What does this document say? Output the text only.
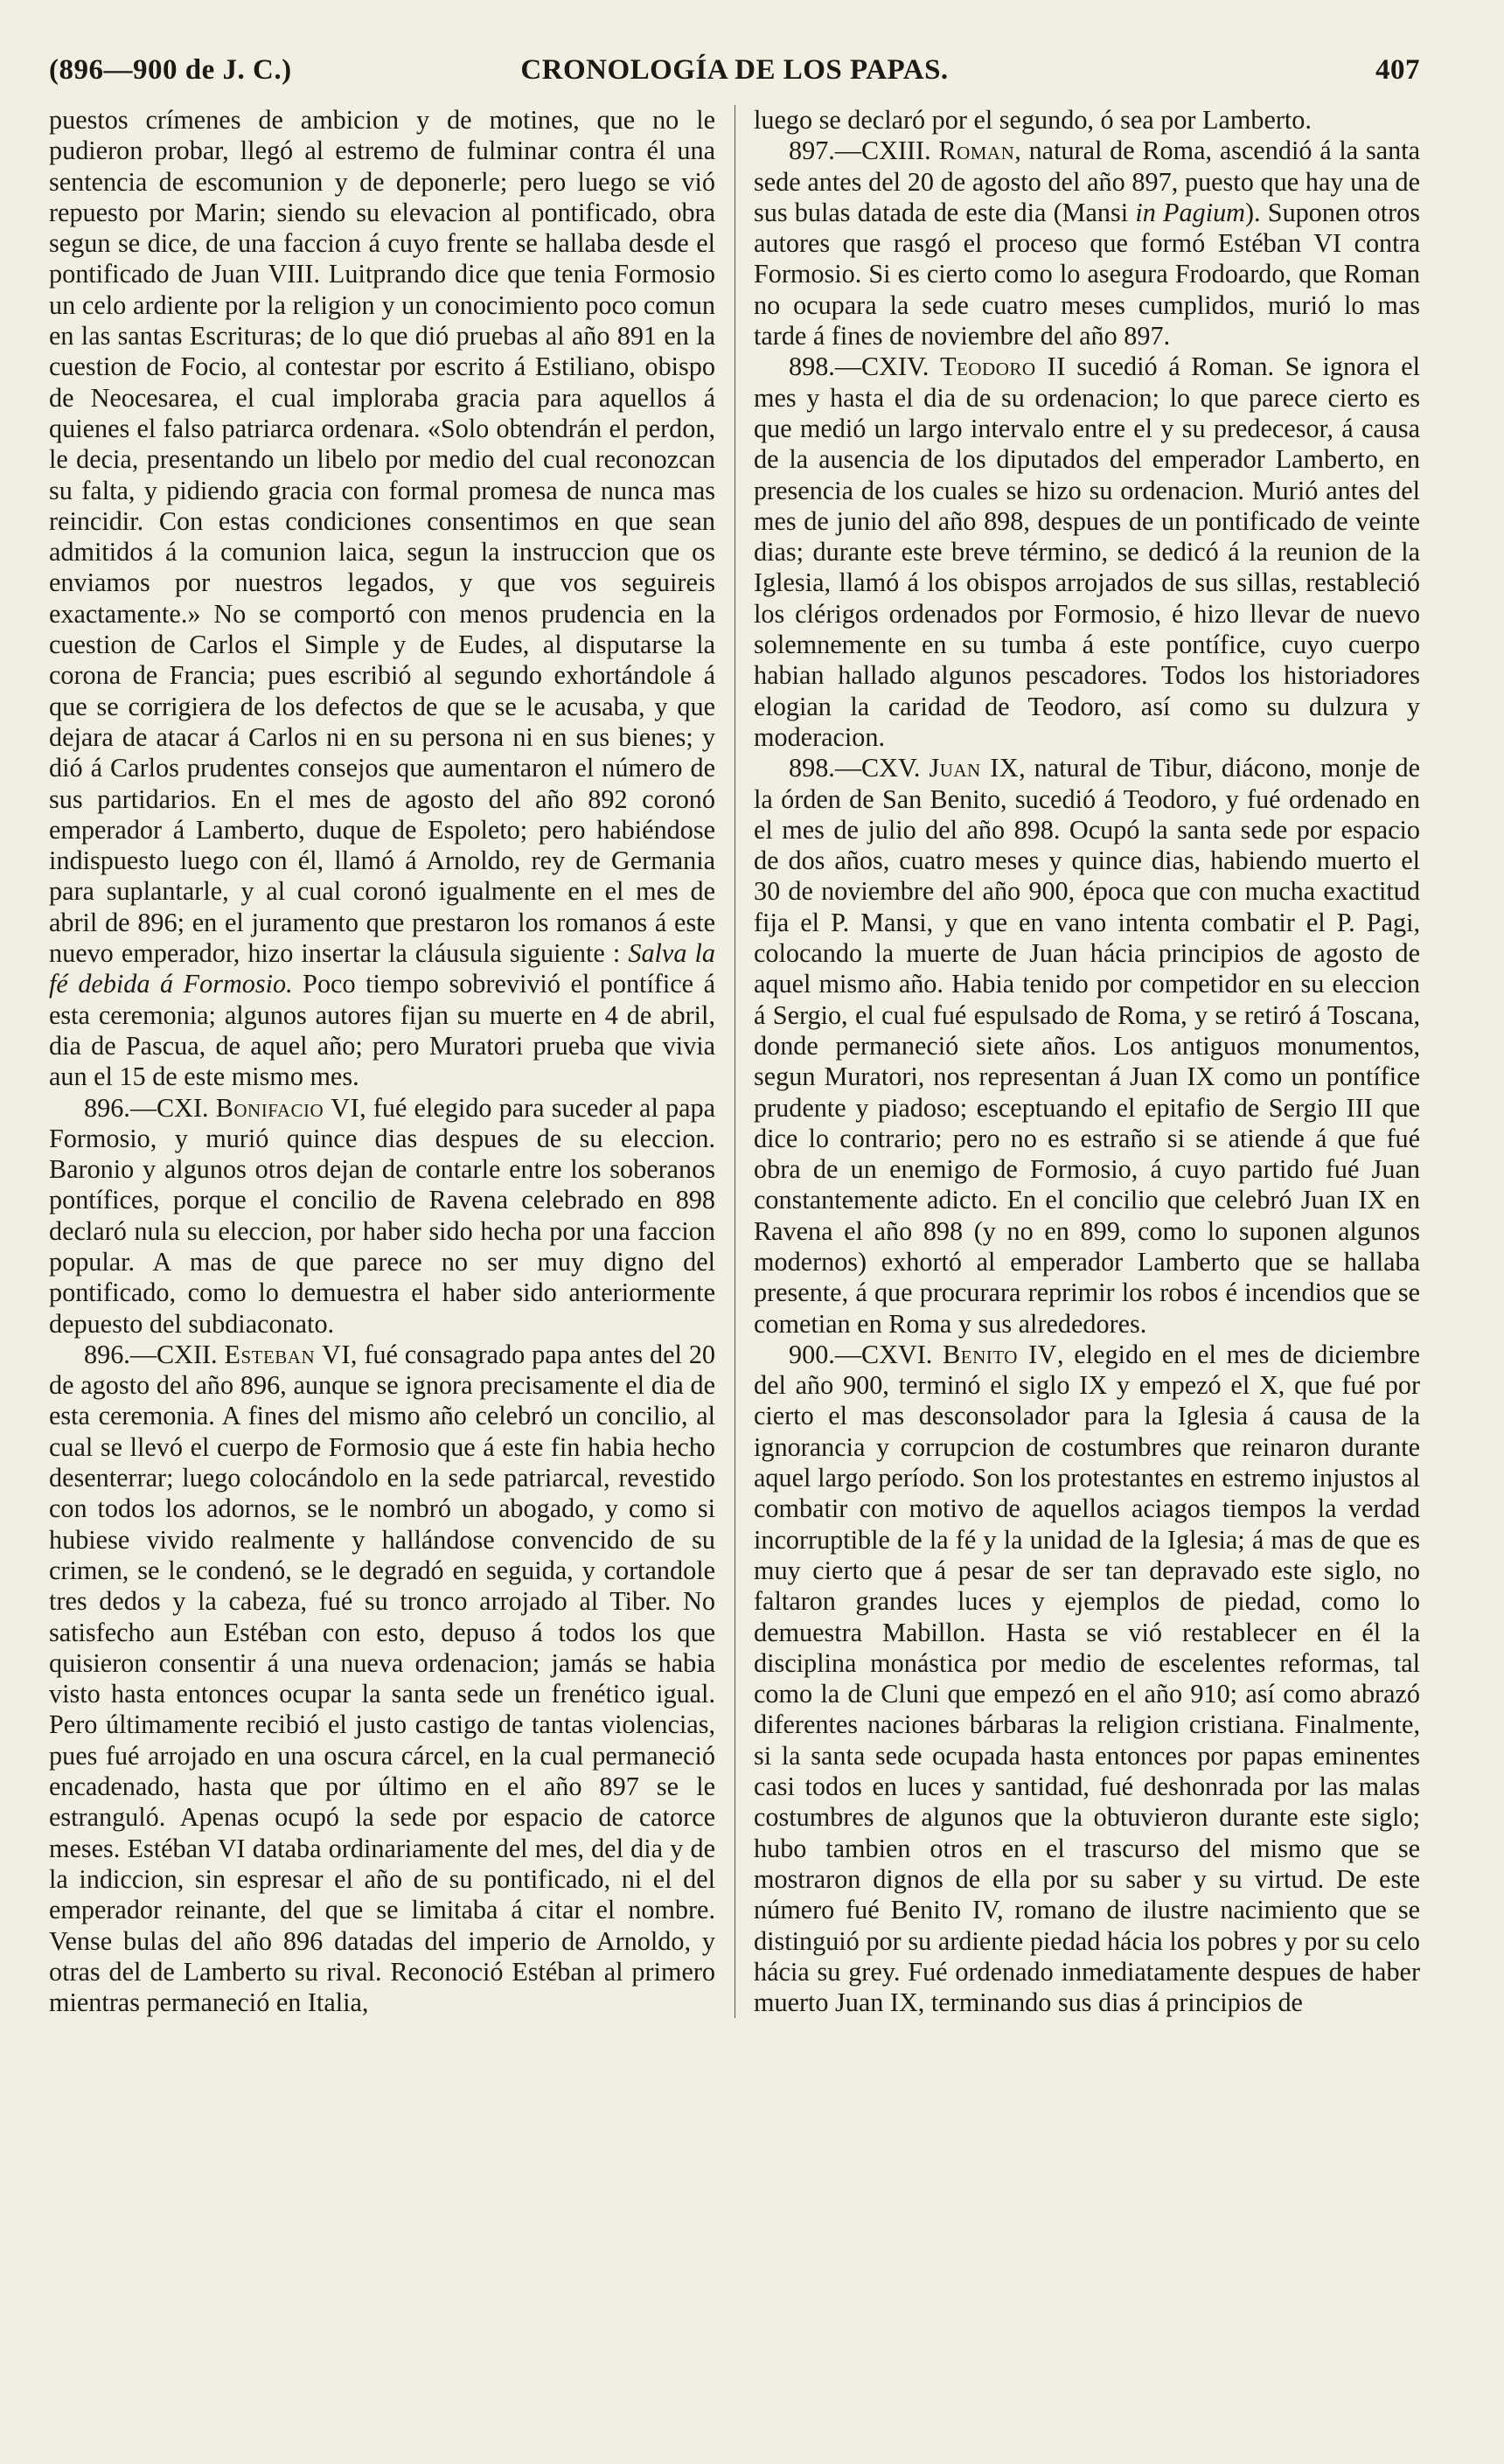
(896—900 de J. C.)	CRONOLOGÍA DE LOS PAPAS.	407

puestos crímenes de ambicion y de motines, que no le pudieron probar, llegó al estremo de fulminar contra él una sentencia de escomunion y de deponerle; pero luego se vió repuesto por Marin; siendo su elevacion al pontificado, obra segun se dice, de una faccion á cuyo frente se hallaba desde el pontificado de Juan VIII. Luitprando dice que tenia Formosio un celo ardiente por la religion y un conocimiento poco comun en las santas Escrituras; de lo que dió pruebas al año 891 en la cuestion de Focio, al contestar por escrito á Estiliano, obispo de Neocesarea, el cual imploraba gracia para aquellos á quienes el falso patriarca ordenara. «Solo obtendrán el perdon, le decia, presentando un libelo por medio del cual reconozcan su falta, y pidiendo gracia con formal promesa de nunca mas reincidir. Con estas condiciones consentimos en que sean admitidos á la comunion laica, segun la instruccion que os enviamos por nuestros legados, y que vos seguireis exactamente.» No se comportó con menos prudencia en la cuestion de Carlos el Simple y de Eudes, al disputarse la corona de Francia; pues escribió al segundo exhortándole á que se corrigiera de los defectos de que se le acusaba, y que dejara de atacar á Carlos ni en su persona ni en sus bienes; y dió á Carlos prudentes consejos que aumentaron el número de sus partidarios. En el mes de agosto del año 892 coronó emperador á Lamberto, duque de Espoleto; pero habiéndose indispuesto luego con él, llamó á Arnoldo, rey de Germania para suplantarle, y al cual coronó igualmente en el mes de abril de 896; en el juramento que prestaron los romanos á este nuevo emperador, hizo insertar la cláusula siguiente : Salva la fé debida á Formosio. Poco tiempo sobrevivió el pontífice á esta ceremonia; algunos autores fijan su muerte en 4 de abril, dia de Pascua, de aquel año; pero Muratori prueba que vivia aun el 15 de este mismo mes.

896.—CXI. Bonifacio VI, fué elegido para suceder al papa Formosio, y murió quince dias despues de su eleccion. Baronio y algunos otros dejan de contarle entre los soberanos pontífices, porque el concilio de Ravena celebrado en 898 declaró nula su eleccion, por haber sido hecha por una faccion popular. A mas de que parece no ser muy digno del pontificado, como lo demuestra el haber sido anteriormente depuesto del subdiaconato.

896.—CXII. Esteban VI, fué consagrado papa antes del 20 de agosto del año 896, aunque se ignora precisamente el dia de esta ceremonia. A fines del mismo año celebró un concilio, al cual se llevó el cuerpo de Formosio que á este fin habia hecho desenterrar; luego colocándolo en la sede patriarcal, revestido con todos los adornos, se le nombró un abogado, y como si hubiese vivido realmente y hallándose convencido de su crimen, se le condenó, se le degradó en seguida, y cortandole tres dedos y la cabeza, fué su tronco arrojado al Tiber. No satisfecho aun Estéban con esto, depuso á todos los que quisieron consentir á una nueva ordenacion; jamás se habia visto hasta entonces ocupar la santa sede un frenético igual. Pero últimamente recibió el justo castigo de tantas violencias, pues fué arrojado en una oscura cárcel, en la cual permaneció encadenado, hasta que por último en el año 897 se le estranguló. Apenas ocupó la sede por espacio de catorce meses. Estéban VI databa ordinariamente del mes, del dia y de la indiccion, sin espresar el año de su pontificado, ni el del emperador reinante, del que se limitaba á citar el nombre. Vense bulas del año 896 datadas del imperio de Arnoldo, y otras del de Lamberto su rival. Reconoció Estéban al primero mientras permaneció en Italia,

luego se declaró por el segundo, ó sea por Lamberto.

897.—CXIII. Roman, natural de Roma, ascendió á la santa sede antes del 20 de agosto del año 897, puesto que hay una de sus bulas datada de este dia (Mansi in Pagium). Suponen otros autores que rasgó el proceso que formó Estéban VI contra Formosio. Si es cierto como lo asegura Frodoardo, que Roman no ocupara la sede cuatro meses cumplidos, murió lo mas tarde á fines de noviembre del año 897.

898.—CXIV. Teodoro II sucedió á Roman. Se ignora el mes y hasta el dia de su ordenacion; lo que parece cierto es que medió un largo intervalo entre el y su predecesor, á causa de la ausencia de los diputados del emperador Lamberto, en presencia de los cuales se hizo su ordenacion. Murió antes del mes de junio del año 898, despues de un pontificado de veinte dias; durante este breve término, se dedicó á la reunion de la Iglesia, llamó á los obispos arrojados de sus sillas, restableció los clérigos ordenados por Formosio, é hizo llevar de nuevo solemnemente en su tumba á este pontífice, cuyo cuerpo habian hallado algunos pescadores. Todos los historiadores elogian la caridad de Teodoro, así como su dulzura y moderacion.

898.—CXV. Juan IX, natural de Tibur, diácono, monje de la órden de San Benito, sucedió á Teodoro, y fué ordenado en el mes de julio del año 898. Ocupó la santa sede por espacio de dos años, cuatro meses y quince dias, habiendo muerto el 30 de noviembre del año 900, época que con mucha exactitud fija el P. Mansi, y que en vano intenta combatir el P. Pagi, colocando la muerte de Juan hácia principios de agosto de aquel mismo año. Habia tenido por competidor en su eleccion á Sergio, el cual fué espulsado de Roma, y se retiró á Toscana, donde permaneció siete años. Los antiguos monumentos, segun Muratori, nos representan á Juan IX como un pontífice prudente y piadoso; esceptuando el epitafio de Sergio III que dice lo contrario; pero no es estraño si se atiende á que fué obra de un enemigo de Formosio, á cuyo partido fué Juan constantemente adicto. En el concilio que celebró Juan IX en Ravena el año 898 (y no en 899, como lo suponen algunos modernos) exhortó al emperador Lamberto que se hallaba presente, á que procurara reprimir los robos é incendios que se cometian en Roma y sus alrededores.

900.—CXVI. Benito IV, elegido en el mes de diciembre del año 900, terminó el siglo IX y empezó el X, que fué por cierto el mas desconsolador para la Iglesia á causa de la ignorancia y corrupcion de costumbres que reinaron durante aquel largo período. Son los protestantes en estremo injustos al combatir con motivo de aquellos aciagos tiempos la verdad incorruptible de la fé y la unidad de la Iglesia; á mas de que es muy cierto que á pesar de ser tan depravado este siglo, no faltaron grandes luces y ejemplos de piedad, como lo demuestra Mabillon. Hasta se vió restablecer en él la disciplina monástica por medio de escelentes reformas, tal como la de Cluni que empezó en el año 910; así como abrazó diferentes naciones bárbaras la religion cristiana. Finalmente, si la santa sede ocupada hasta entonces por papas eminentes casi todos en luces y santidad, fué deshonrada por las malas costumbres de algunos que la obtuvieron durante este siglo; hubo tambien otros en el trascurso del mismo que se mostraron dignos de ella por su saber y su virtud. De este número fué Benito IV, romano de ilustre nacimiento que se distinguió por su ardiente piedad hácia los pobres y por su celo hácia su grey. Fué ordenado inmediatamente despues de haber muerto Juan IX, terminando sus dias á principios de
